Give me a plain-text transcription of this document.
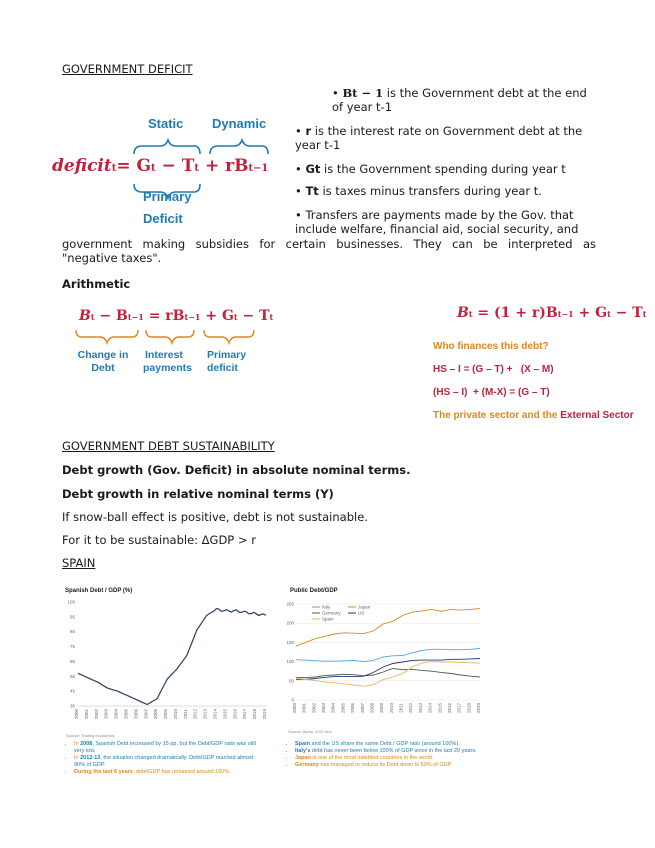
GOVERNMENT DEFICIT
Static Dynamic
deficitt= Gt − Tt + rBt−1
Primary
Deficit
• Bt − 1 is the Government debt at the end of year t-1
• r is the interest rate on Government debt at the year t-1
• Gt is the Government spending during year t
• Tt is taxes minus transfers during year t.
• Transfers are payments made by the Gov. that
include welfare, financial aid, social security, and
government making subsidies for certain businesses. They can be interpreted as
"negative taxes".
Arithmetic
Bt − Bt−1 = rBt−1 + Gt − Tt
Change in
Debt
Interest
payments
Primary
deficit
Bt = (1 + r)Bt−1 + Gt − Tt
Who finances this debt?
HS – I = (G – T) +   (X – M)
(HS – I)  + (M-X) = (G – T)
The private sector and the External Sector
GOVERNMENT DEBT SUSTAINABILITY
Debt growth (Gov. Deficit) in absolute nominal terms.
Debt growth in relative nominal terms (Y)
If snow-ball effect is positive, debt is not sustainable.
For it to be sustainable: ΔGDP > r
SPAIN
Spanish Debt / GDP (%)
105
95
85
75
65
55
45
35
2000 2001 2002 2003 2004 2005 2006 2007 2008 2009 2010 2011 2012 2013 2014 2015 2016 2017 2018 2019
Source: Trading economics
Public Debt/GDP
250
200
150
100
50
0
2000 2001 2002 2003 2004 2005 2006 2007 2008 2009 2010 2011 2012 2013 2014 2015 2016 2017 2018 2019
Italy	Japan
Germany	US
Spain
Source: Alpha, 2021 text
• In 2008, Spanish Debt increased by 15 pp. but the Debt/GDP ratio was still very low.
• In 2012-13, the situation changed dramatically. Debt/GDP reached almost 90% of GDP.
• During the last 6 years, debt/GDP has remained around 100%.
• Spain and the US share the same Debt / GDP ratio (around 100%).
• Italy's debt has never been below 100% of GDP since in the last 20 years.
• Japan is one of the most indebted countries in the world.
• Germany has managed to reduce its Debt down to 59% of GDP
